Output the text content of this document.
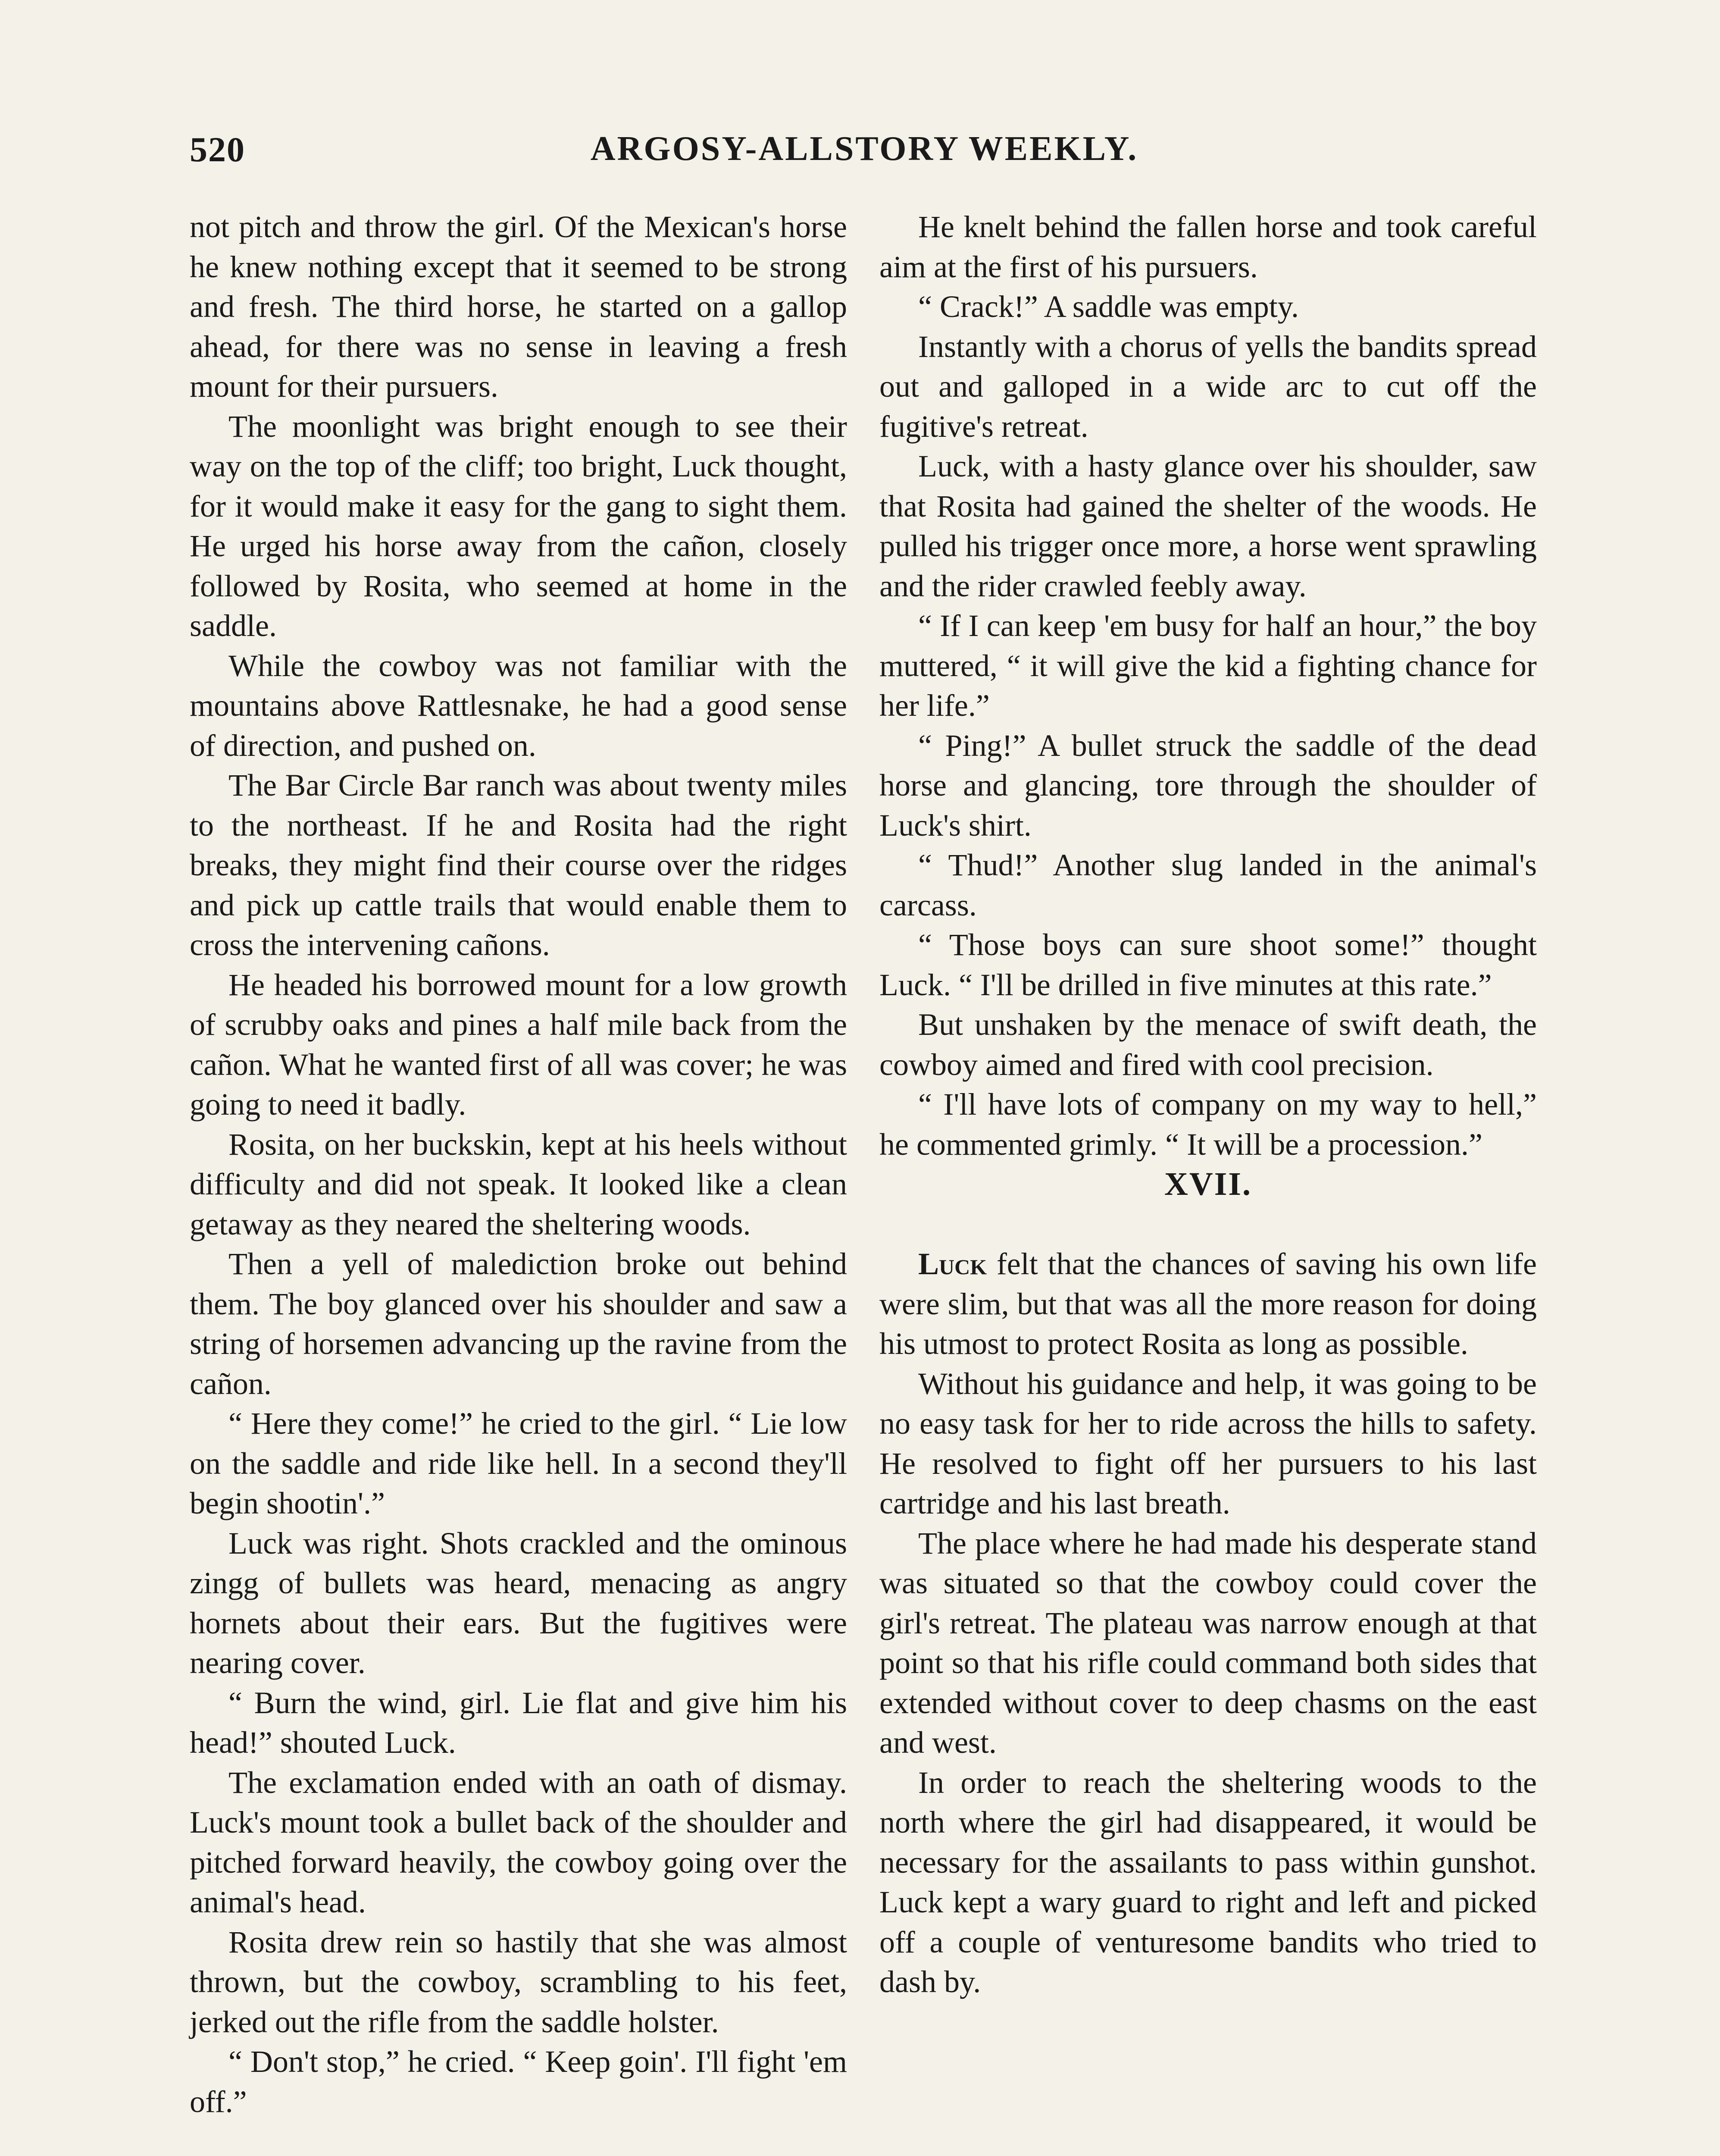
520	ARGOSY-ALLSTORY WEEKLY.

not pitch and throw the girl. Of the Mexican's horse he knew nothing except that it seemed to be strong and fresh. The third horse, he started on a gallop ahead, for there was no sense in leaving a fresh mount for their pursuers.

The moonlight was bright enough to see their way on the top of the cliff; too bright, Luck thought, for it would make it easy for the gang to sight them. He urged his horse away from the cañon, closely followed by Rosita, who seemed at home in the saddle.

While the cowboy was not familiar with the mountains above Rattlesnake, he had a good sense of direction, and pushed on.

The Bar Circle Bar ranch was about twenty miles to the northeast. If he and Rosita had the right breaks, they might find their course over the ridges and pick up cattle trails that would enable them to cross the intervening cañons.

He headed his borrowed mount for a low growth of scrubby oaks and pines a half mile back from the cañon. What he wanted first of all was cover; he was going to need it badly.

Rosita, on her buckskin, kept at his heels without difficulty and did not speak. It looked like a clean getaway as they neared the sheltering woods.

Then a yell of malediction broke out behind them. The boy glanced over his shoulder and saw a string of horsemen advancing up the ravine from the cañon.

“ Here they come!” he cried to the girl. “ Lie low on the saddle and ride like hell. In a second they'll begin shootin'.”

Luck was right. Shots crackled and the ominous zingg of bullets was heard, menacing as angry hornets about their ears. But the fugitives were nearing cover.

“ Burn the wind, girl. Lie flat and give him his head!” shouted Luck.

The exclamation ended with an oath of dismay. Luck's mount took a bullet back of the shoulder and pitched forward heavily, the cowboy going over the animal's head.

Rosita drew rein so hastily that she was almost thrown, but the cowboy, scrambling to his feet, jerked out the rifle from the saddle holster.

“ Don't stop,” he cried. “ Keep goin'. I'll fight 'em off.”

He knelt behind the fallen horse and took careful aim at the first of his pursuers.

“ Crack!” A saddle was empty.

Instantly with a chorus of yells the bandits spread out and galloped in a wide arc to cut off the fugitive's retreat.

Luck, with a hasty glance over his shoulder, saw that Rosita had gained the shelter of the woods. He pulled his trigger once more, a horse went sprawling and the rider crawled feebly away.

“ If I can keep 'em busy for half an hour,” the boy muttered, “ it will give the kid a fighting chance for her life.”

“ Ping!” A bullet struck the saddle of the dead horse and glancing, tore through the shoulder of Luck's shirt.

“ Thud!” Another slug landed in the animal's carcass.

“ Those boys can sure shoot some!” thought Luck. “ I'll be drilled in five minutes at this rate.”

But unshaken by the menace of swift death, the cowboy aimed and fired with cool precision.

“ I'll have lots of company on my way to hell,” he commented grimly. “ It will be a procession.”

XVII.

Luck felt that the chances of saving his own life were slim, but that was all the more reason for doing his utmost to protect Rosita as long as possible.

Without his guidance and help, it was going to be no easy task for her to ride across the hills to safety. He resolved to fight off her pursuers to his last cartridge and his last breath.

The place where he had made his desperate stand was situated so that the cowboy could cover the girl's retreat. The plateau was narrow enough at that point so that his rifle could command both sides that extended without cover to deep chasms on the east and west.

In order to reach the sheltering woods to the north where the girl had disappeared, it would be necessary for the assailants to pass within gunshot. Luck kept a wary guard to right and left and picked off a couple of venturesome bandits who tried to dash by.
